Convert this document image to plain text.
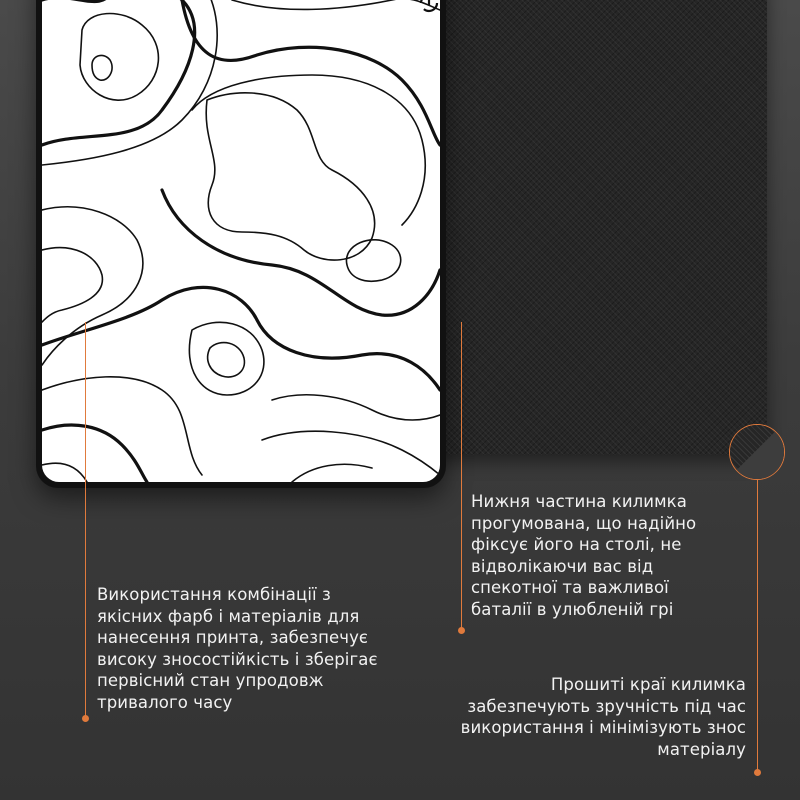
Використання комбінації з
якісних фарб і матеріалів для
нанесення принта, забезпечує
високу зносостійкість і зберігає
первісний стан упродовж
тривалого часу
Нижня частина килимка
прогумована, що надійно
фіксує його на столі, не
відволікаючи вас від
спекотної та важливої
баталії в улюбленій грі
Прошиті краї килимка
забезпечують зручність під час
використання і мінімізують знос
матеріалу
